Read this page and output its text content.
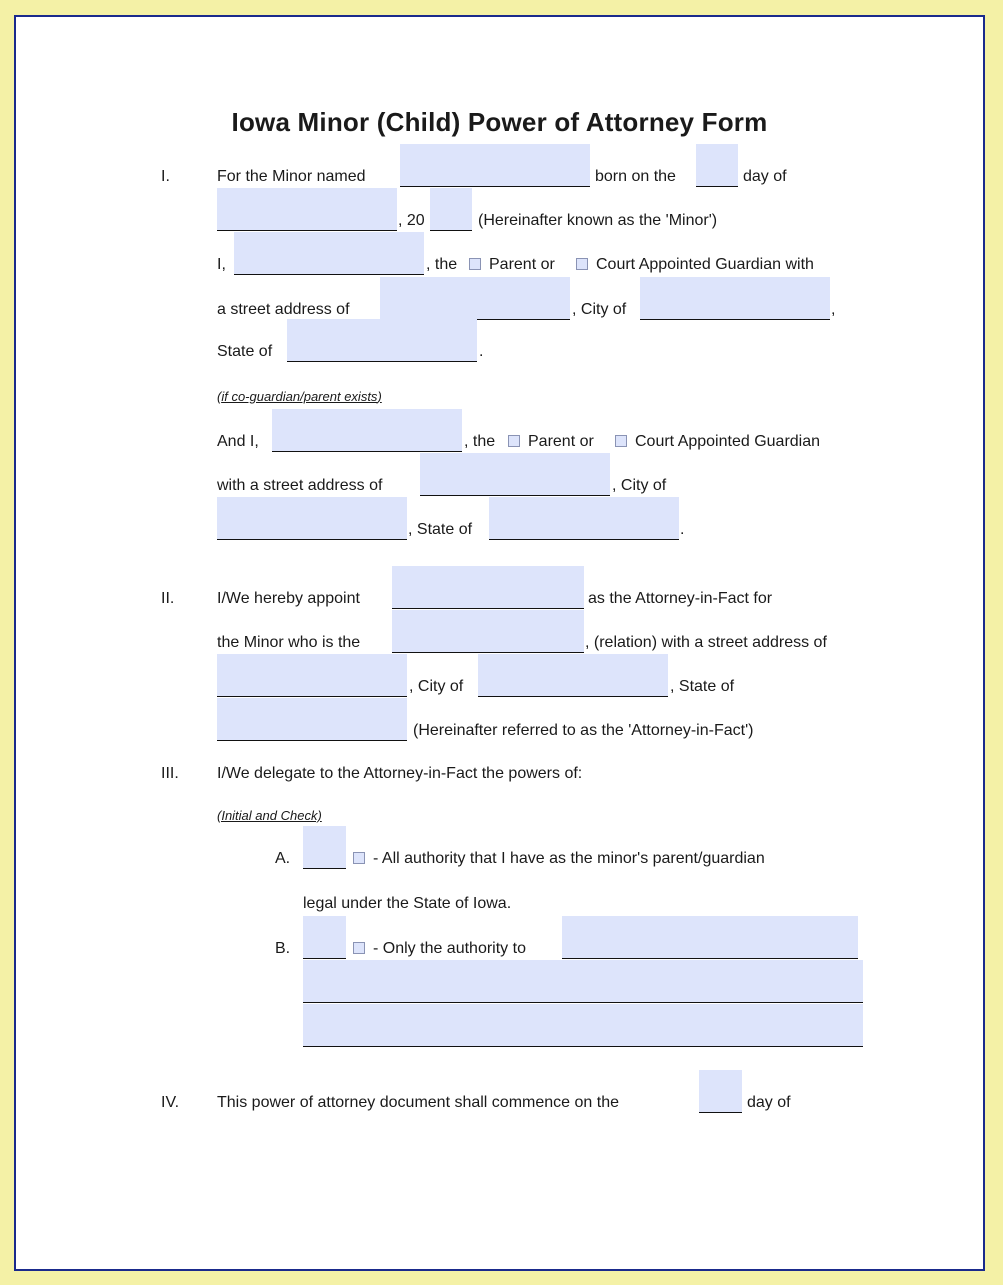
Iowa Minor (Child) Power of Attorney Form
I.	For the Minor named	born on the	day of
, 20	(Hereinafter known as the 'Minor')
I,	, the Parent or	Court Appointed Guardian with
a street address of	, City of	,
State of	.
(if co-guardian/parent exists)
And I,	, the Parent or	Court Appointed Guardian
with a street address of	, City of
, State of	.
II.	I/We hereby appoint	as the Attorney-in-Fact for
the Minor who is the	, (relation) with a street address of
, City of	, State of
(Hereinafter referred to as the 'Attorney-in-Fact')
III. I/We delegate to the Attorney-in-Fact the powers of:
(Initial and Check)
A.	- All authority that I have as the minor's parent/guardian
legal under the State of Iowa.
B.	- Only the authority to
IV. This power of attorney document shall commence on the	day of
